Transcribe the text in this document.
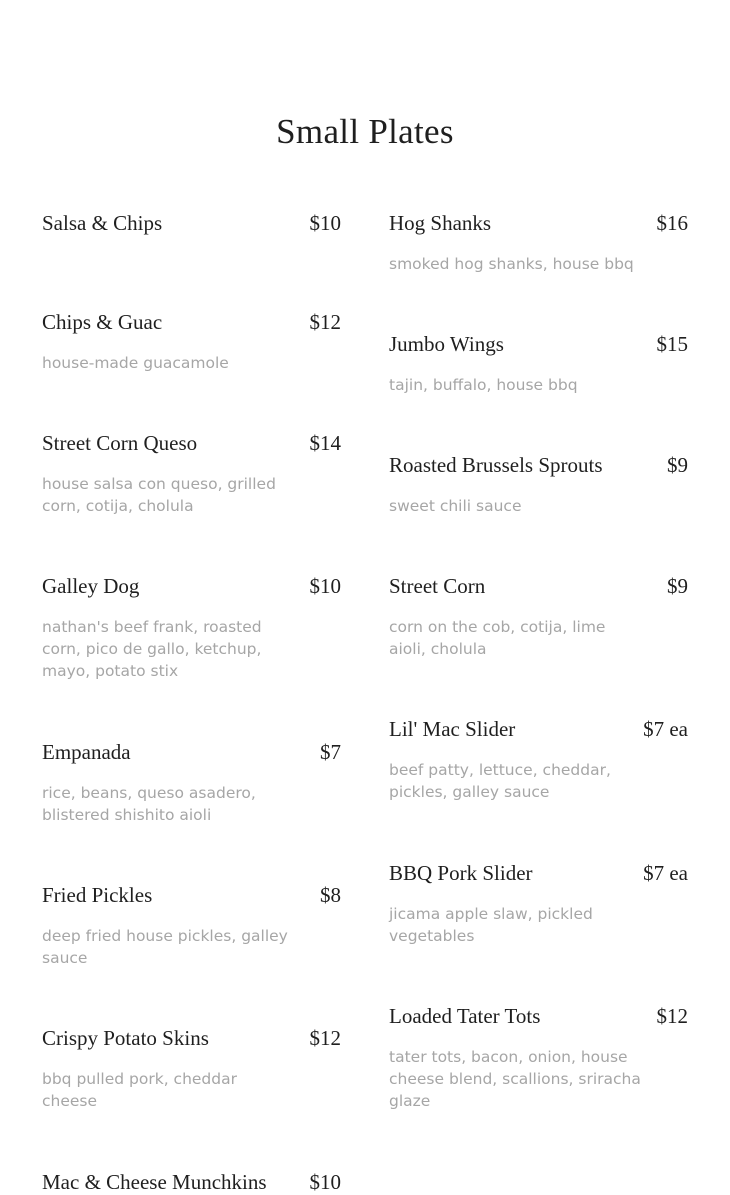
Small Plates
Salsa & Chips	$10
Chips & Guac	$12
house-made guacamole
Street Corn Queso	$14
house salsa con queso, grilled corn, cotija, cholula
Galley Dog	$10
nathan's beef frank, roasted corn, pico de gallo, ketchup, mayo, potato stix
Empanada	$7
rice, beans, queso asadero, blistered shishito aioli
Fried Pickles	$8
deep fried house pickles, galley sauce
Crispy Potato Skins	$12
bbq pulled pork, cheddar cheese
Mac & Cheese Munchkins $10
Hog Shanks	$16
smoked hog shanks, house bbq
Jumbo Wings	$15
tajin, buffalo, house bbq
Roasted Brussels Sprouts	$9
sweet chili sauce
Street Corn	$9
corn on the cob, cotija, lime aioli, cholula
Lil' Mac Slider	$7 ea
beef patty, lettuce, cheddar, pickles, galley sauce
BBQ Pork Slider	$7 ea
jicama apple slaw, pickled vegetables
Loaded Tater Tots	$12
tater tots, bacon, onion, house cheese blend, scallions, sriracha glaze
